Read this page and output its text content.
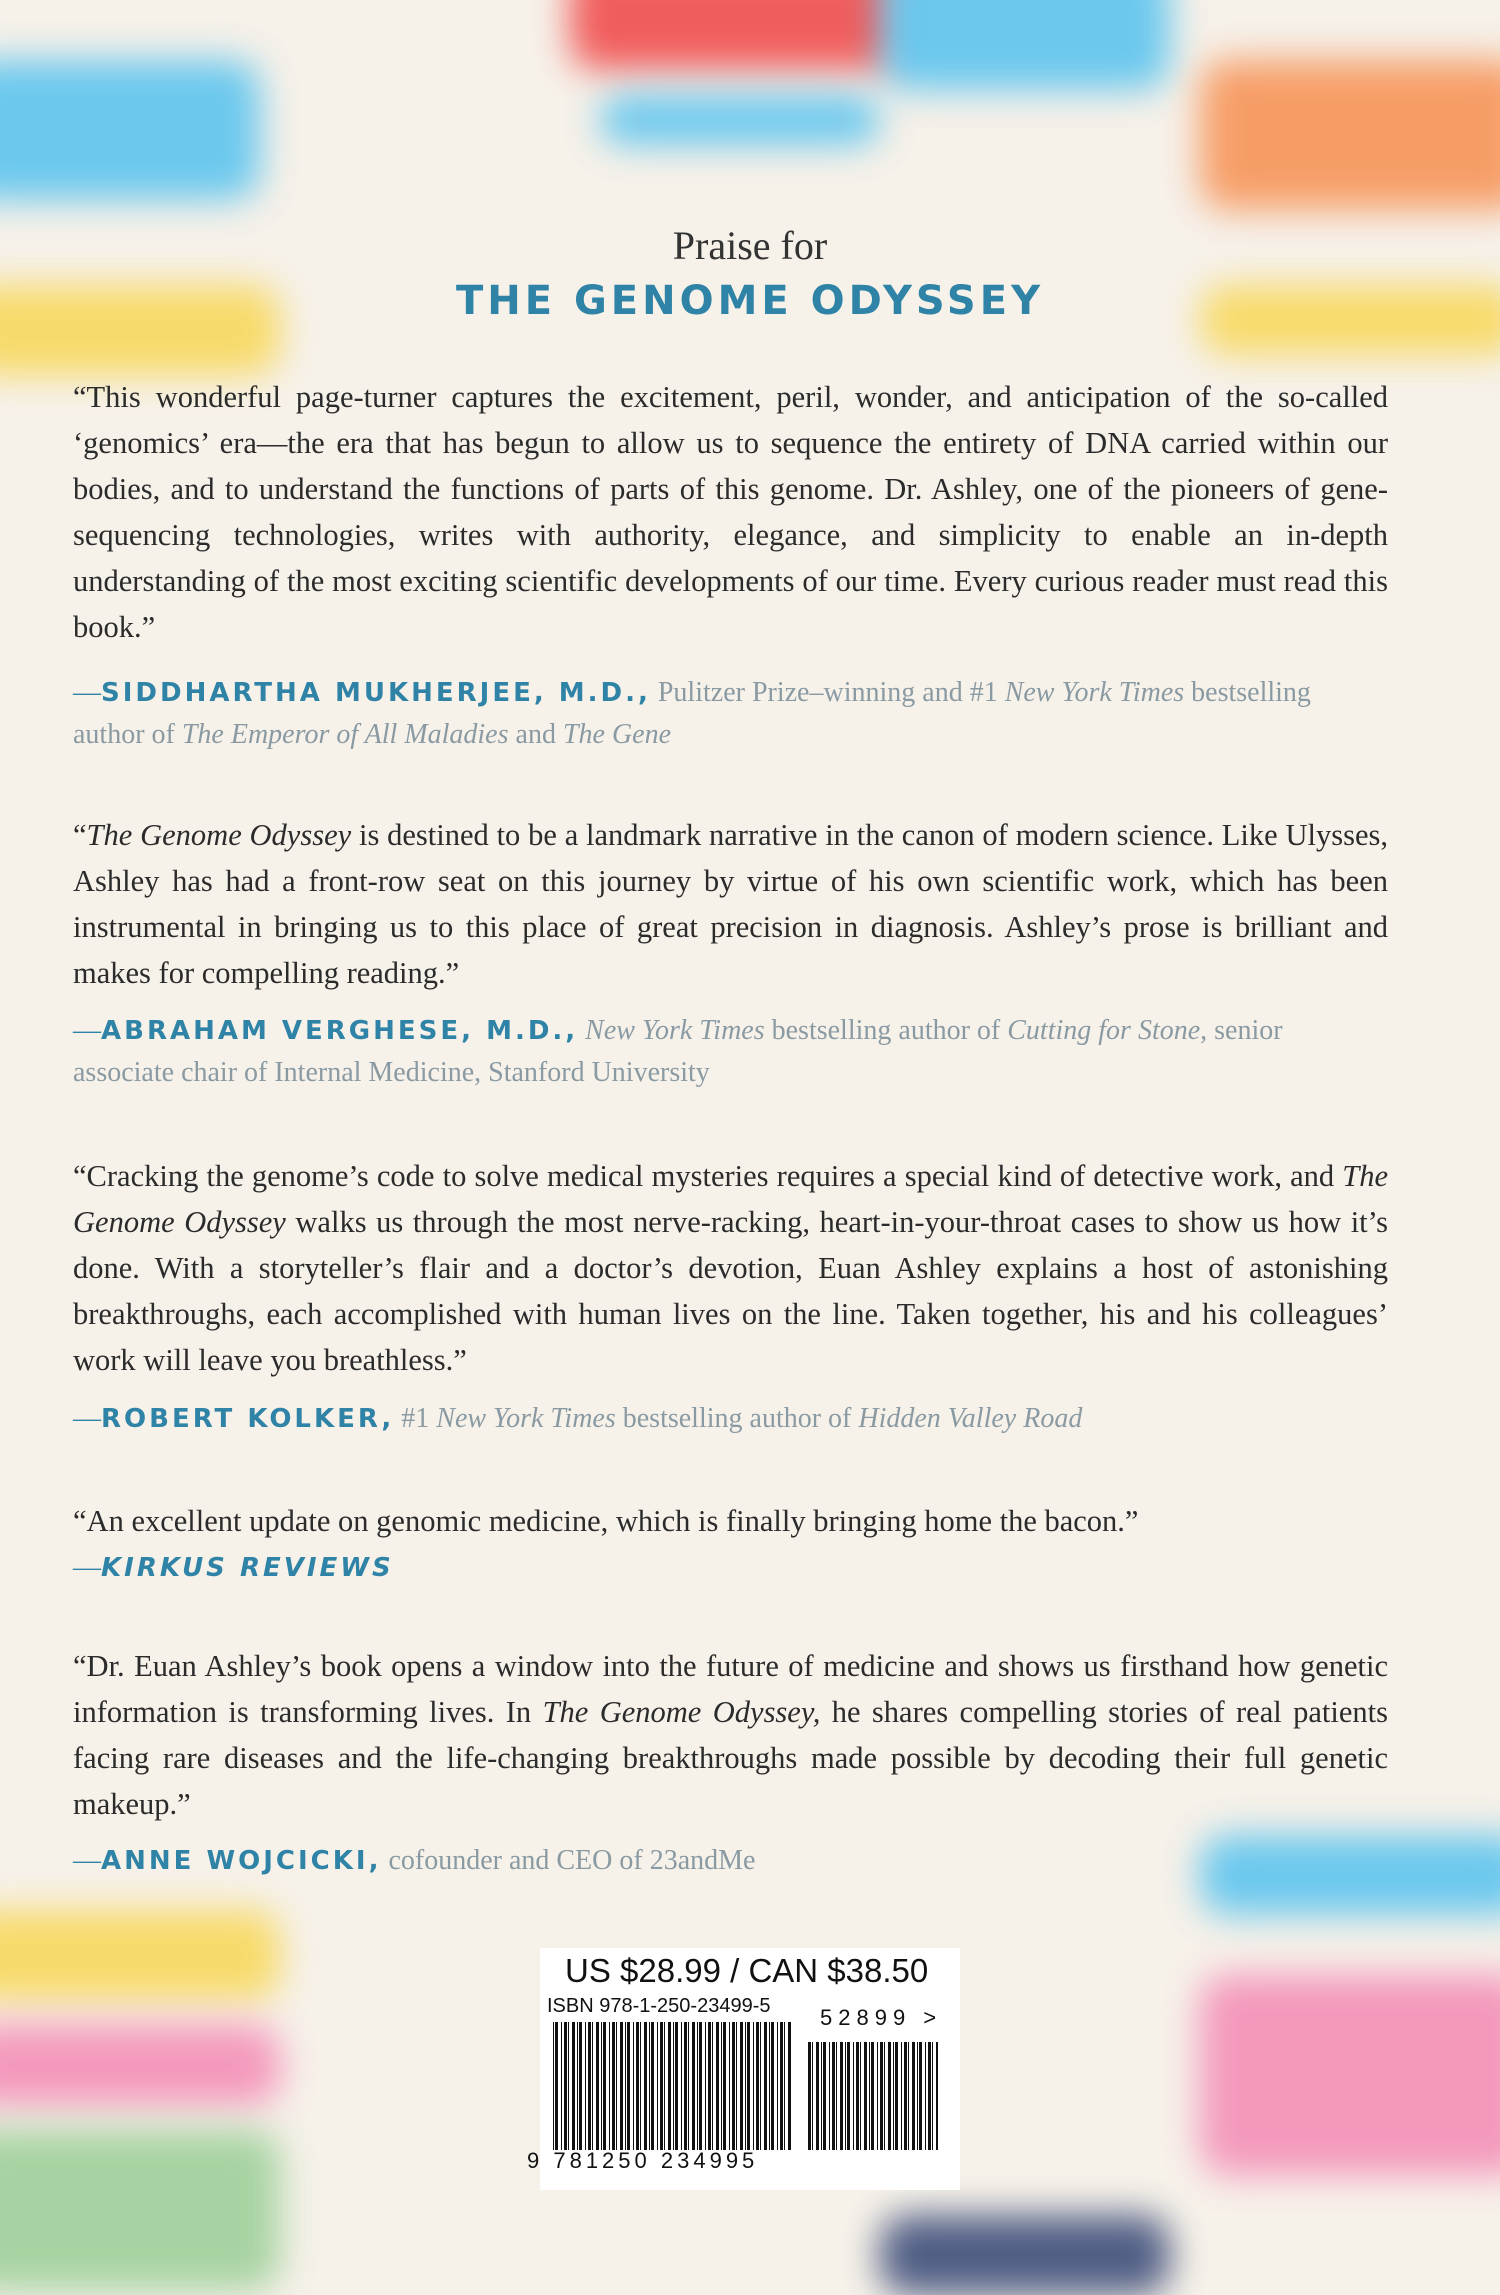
Praise for
THE GENOME ODYSSEY
“This wonderful page-turner captures the excitement, peril, wonder, and anticipation of the so-called ‘genomics’ era—the era that has begun to allow us to sequence the entirety of DNA carried within our bodies, and to understand the functions of parts of this genome. Dr. Ashley, one of the pioneers of gene-sequencing technologies, writes with authority, elegance, and simplicity to enable an in-depth understanding of the most exciting scientific developments of our time. Every curious reader must read this book.”
—SIDDHARTHA MUKHERJEE, M.D., Pulitzer Prize–winning and #1 New York Times bestselling author of The Emperor of All Maladies and The Gene
“The Genome Odyssey is destined to be a landmark narrative in the canon of modern science. Like Ulysses, Ashley has had a front-row seat on this journey by virtue of his own scientific work, which has been instrumental in bringing us to this place of great precision in diagnosis. Ashley’s prose is brilliant and makes for compelling reading.”
—ABRAHAM VERGHESE, M.D., New York Times bestselling author of Cutting for Stone, senior associate chair of Internal Medicine, Stanford University
“Cracking the genome’s code to solve medical mysteries requires a special kind of detective work, and The Genome Odyssey walks us through the most nerve-racking, heart-in-your-throat cases to show us how it’s done. With a storyteller’s flair and a doctor’s devotion, Euan Ashley explains a host of astonishing breakthroughs, each accomplished with human lives on the line. Taken together, his and his colleagues’ work will leave you breathless.”
—ROBERT KOLKER, #1 New York Times bestselling author of Hidden Valley Road
“An excellent update on genomic medicine, which is finally bringing home the bacon.”
—KIRKUS REVIEWS
“Dr. Euan Ashley’s book opens a window into the future of medicine and shows us firsthand how genetic information is transforming lives. In The Genome Odyssey, he shares compelling stories of real patients facing rare diseases and the life-changing breakthroughs made possible by decoding their full genetic makeup.”
—ANNE WOJCICKI, cofounder and CEO of 23andMe
US $28.99 / CAN $38.50
ISBN 978-1-250-23499-5 52899 >
9 781250 234995
